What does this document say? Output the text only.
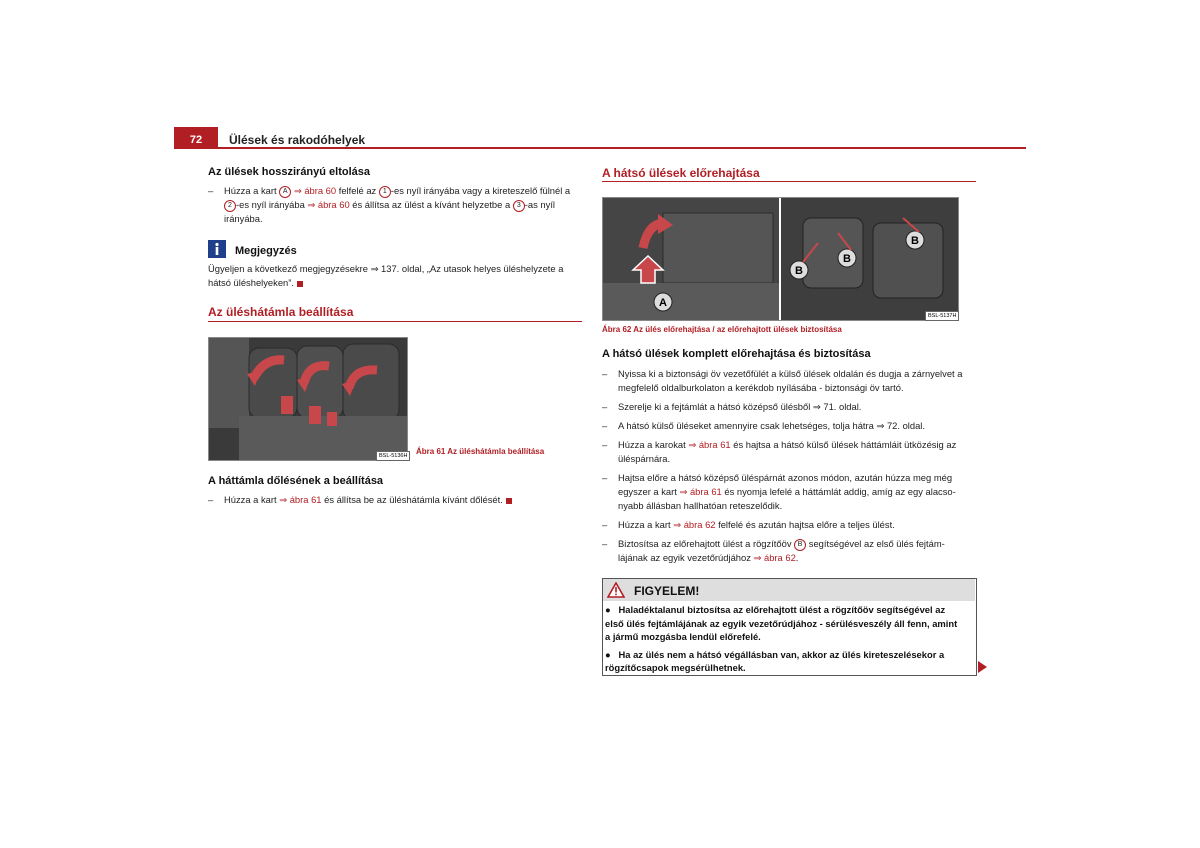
72	Ülések és rakodóhelyek
Az ülések hosszirányú eltolása
– Húzza a kart A ⇒ ábra 60 felfelé az 1 -es nyíl irányába vagy a kireteszelő fülnél a
2 -es nyíl irányába ⇒ ábra 60 és állítsa az ülést a kívánt helyzetbe a 3 -as nyíl
irányába.
Megjegyzés
Ügyeljen a következő megjegyzésekre ⇒ 137. oldal, „Az utasok helyes üléshelyzete a
hátsó üléshelyeken”.
Az üléshátámla beállítása
BSL-5136H	Ábra 61 Az üléshátámla beállítása
A háttámla dőlésének a beállítása
– Húzza a kart ⇒ ábra 61 és állítsa be az üléshátámla kívánt dőlését.
A hátsó ülések előrehajtása
A
B
B
B
BSL-5137H
Ábra 62 Az ülés előrehajtása / az előrehajtott ülések biztosítása
A hátsó ülések komplett előrehajtása és biztosítása
– Nyissa ki a biztonsági öv vezetőfülét a külső ülések oldalán és dugja a zárnyelvet a
megfelelő oldalburkolaton a kerékdob nyílásába - biztonsági öv tartó.
– Szerelje ki a fejtámlát a hátsó középső ülésből ⇒ 71. oldal.
– A hátsó külső üléseket amennyire csak lehetséges, tolja hátra ⇒ 72. oldal.
– Húzza a karokat ⇒ ábra 61 és hajtsa a hátsó külső ülések háttámláit ütközésig az
üléspárnára.
– Hajtsa előre a hátsó középső üléspárnát azonos módon, azután húzza meg még
egyszer a kart ⇒ ábra 61 és nyomja lefelé a háttámlát addig, amíg az egy alacso-
nyabb állásban hallhatóan reteszelődik.
– Húzza a kart ⇒ ábra 62 felfelé és azután hajtsa előre a teljes ülést.
– Biztosítsa az előrehajtott ülést a rögzítőöv B segítségével az első ülés fejtám-
lájának az egyik vezetőrúdjához ⇒ ábra 62.
FIGYELEM!
●   Haladéktalanul biztosítsa az előrehajtott ülést a rögzítőöv segítségével az
első ülés fejtámlájának az egyik vezetőrúdjához - sérülésveszély áll fenn, amint
a jármű mozgásba lendül előrefelé.
●   Ha az ülés nem a hátsó végállásban van, akkor az ülés kireteszelésekor a
rögzítőcsapok megsérülhetnek.
